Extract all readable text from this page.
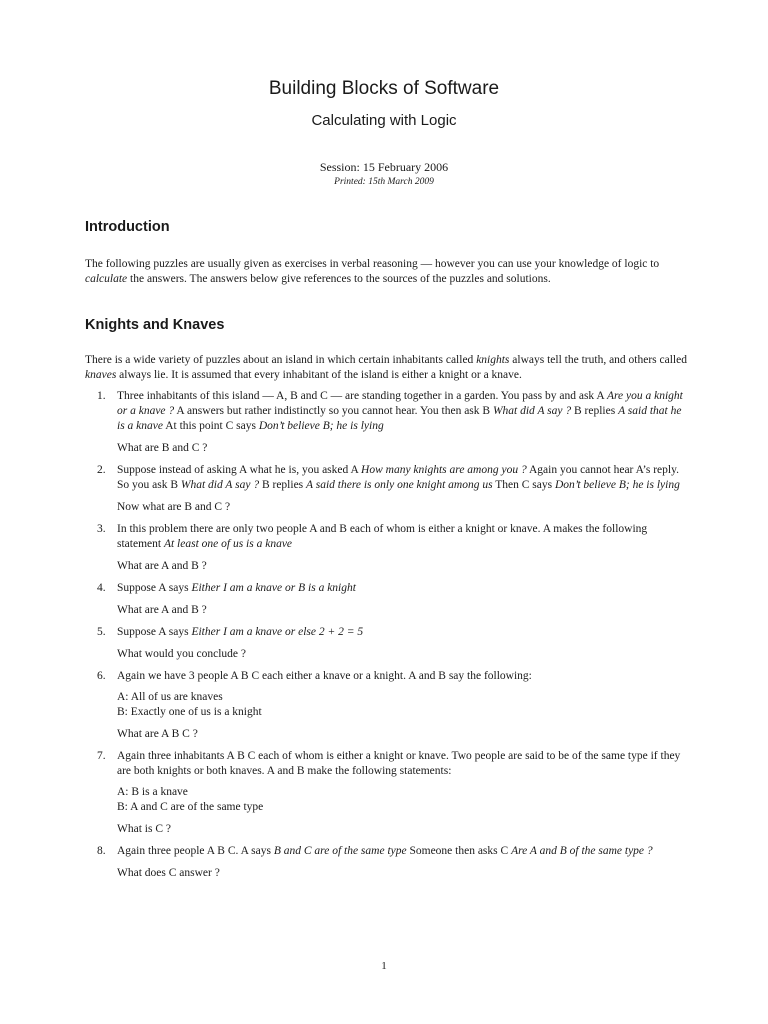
Building Blocks of Software
Calculating with Logic
Session: 15 February 2006
Printed: 15th March 2009
Introduction
The following puzzles are usually given as exercises in verbal reasoning — however you can use your knowledge of logic to calculate the answers. The answers below give references to the sources of the puzzles and solutions.
Knights and Knaves
There is a wide variety of puzzles about an island in which certain inhabitants called knights always tell the truth, and others called knaves always lie. It is assumed that every inhabitant of the island is either a knight or a knave.
1. Three inhabitants of this island — A, B and C — are standing together in a garden. You pass by and ask A Are you a knight or a knave ? A answers but rather indistinctly so you cannot hear. You then ask B What did A say ? B replies A said that he is a knave At this point C says Don’t believe B; he is lying
What are B and C ?
2. Suppose instead of asking A what he is, you asked A How many knights are among you ? Again you cannot hear A’s reply. So you ask B What did A say ? B replies A said there is only one knight among us Then C says Don’t believe B; he is lying
Now what are B and C ?
3. In this problem there are only two people A and B each of whom is either a knight or knave. A makes the following statement At least one of us is a knave
What are A and B ?
4. Suppose A says Either I am a knave or B is a knight
What are A and B ?
5. Suppose A says Either I am a knave or else 2 + 2 = 5
What would you conclude ?
6. Again we have 3 people A B C each either a knave or a knight. A and B say the following:
A: All of us are knaves
B: Exactly one of us is a knight
What are A B C ?
7. Again three inhabitants A B C each of whom is either a knight or knave. Two people are said to be of the same type if they are both knights or both knaves. A and B make the following statements:
A: B is a knave
B: A and C are of the same type
What is C ?
8. Again three people A B C. A says B and C are of the same type Someone then asks C Are A and B of the same type ?
What does C answer ?
1
